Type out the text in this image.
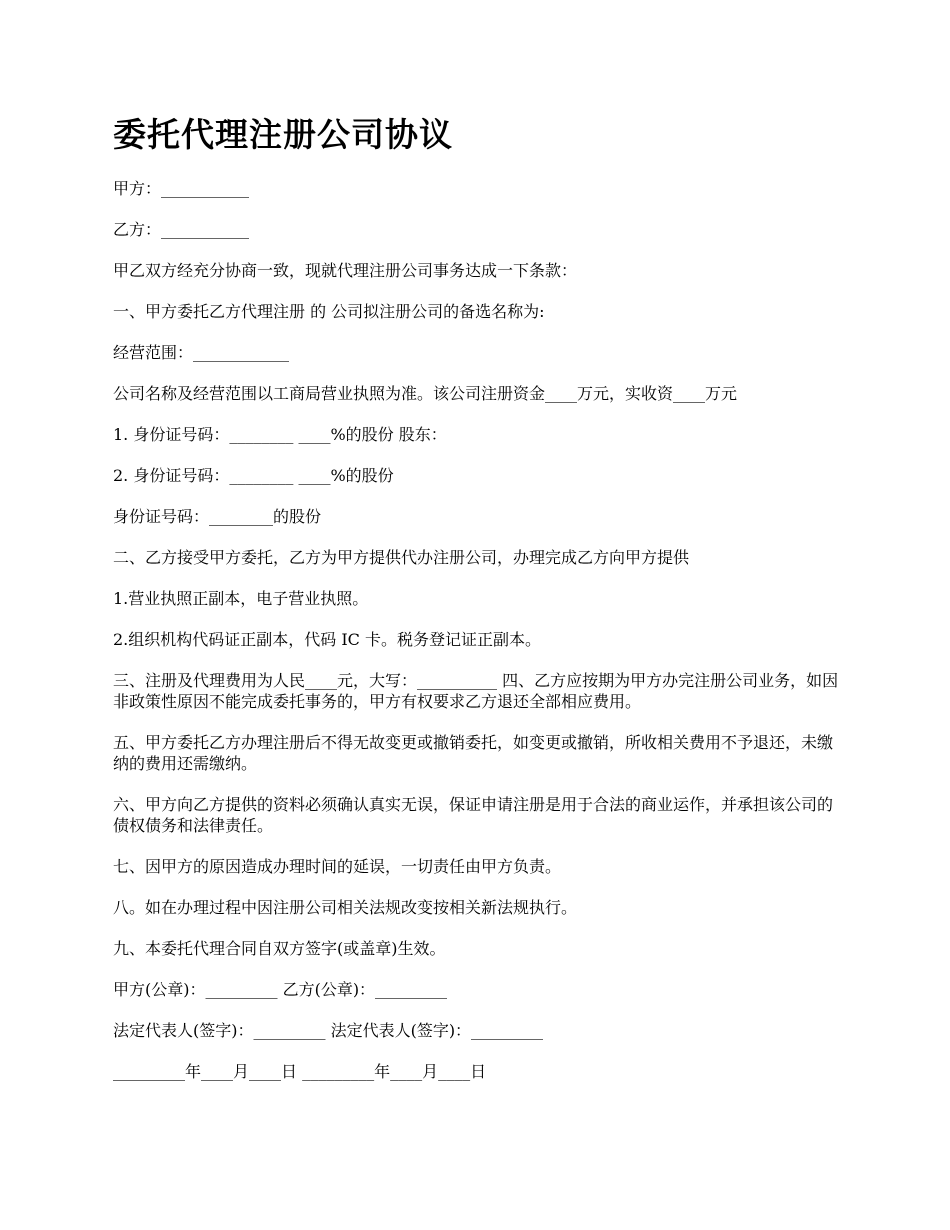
委托代理注册公司协议

甲方：___________

乙方：___________

甲乙双方经充分协商一致，现就代理注册公司事务达成一下条款：

一、甲方委托乙方代理注册 的 公司拟注册公司的备选名称为:

经营范围：____________

公司名称及经营范围以工商局营业执照为准。该公司注册资金____万元，实收资____万元

1. 身份证号码：________ ____%的股份 股东：

2. 身份证号码：________ ____%的股份

身份证号码：________的股份

二、乙方接受甲方委托，乙方为甲方提供代办注册公司，办理完成乙方向甲方提供

1.营业执照正副本，电子营业执照。

2.组织机构代码证正副本，代码 IC 卡。税务登记证正副本。

三、注册及代理费用为人民____元，大写：__________ 四、乙方应按期为甲方办完注册公司业务，如因非政策性原因不能完成委托事务的，甲方有权要求乙方退还全部相应费用。

五、甲方委托乙方办理注册后不得无故变更或撤销委托，如变更或撤销，所收相关费用不予退还，未缴纳的费用还需缴纳。

六、甲方向乙方提供的资料必须确认真实无误，保证申请注册是用于合法的商业运作，并承担该公司的债权债务和法律责任。

七、因甲方的原因造成办理时间的延误，一切责任由甲方负责。

八。如在办理过程中因注册公司相关法规改变按相关新法规执行。

九、本委托代理合同自双方签字(或盖章)生效。

甲方(公章)：_________ 乙方(公章)：_________

法定代表人(签字)：_________ 法定代表人(签字)：_________

_________年____月____日 _________年____月____日
